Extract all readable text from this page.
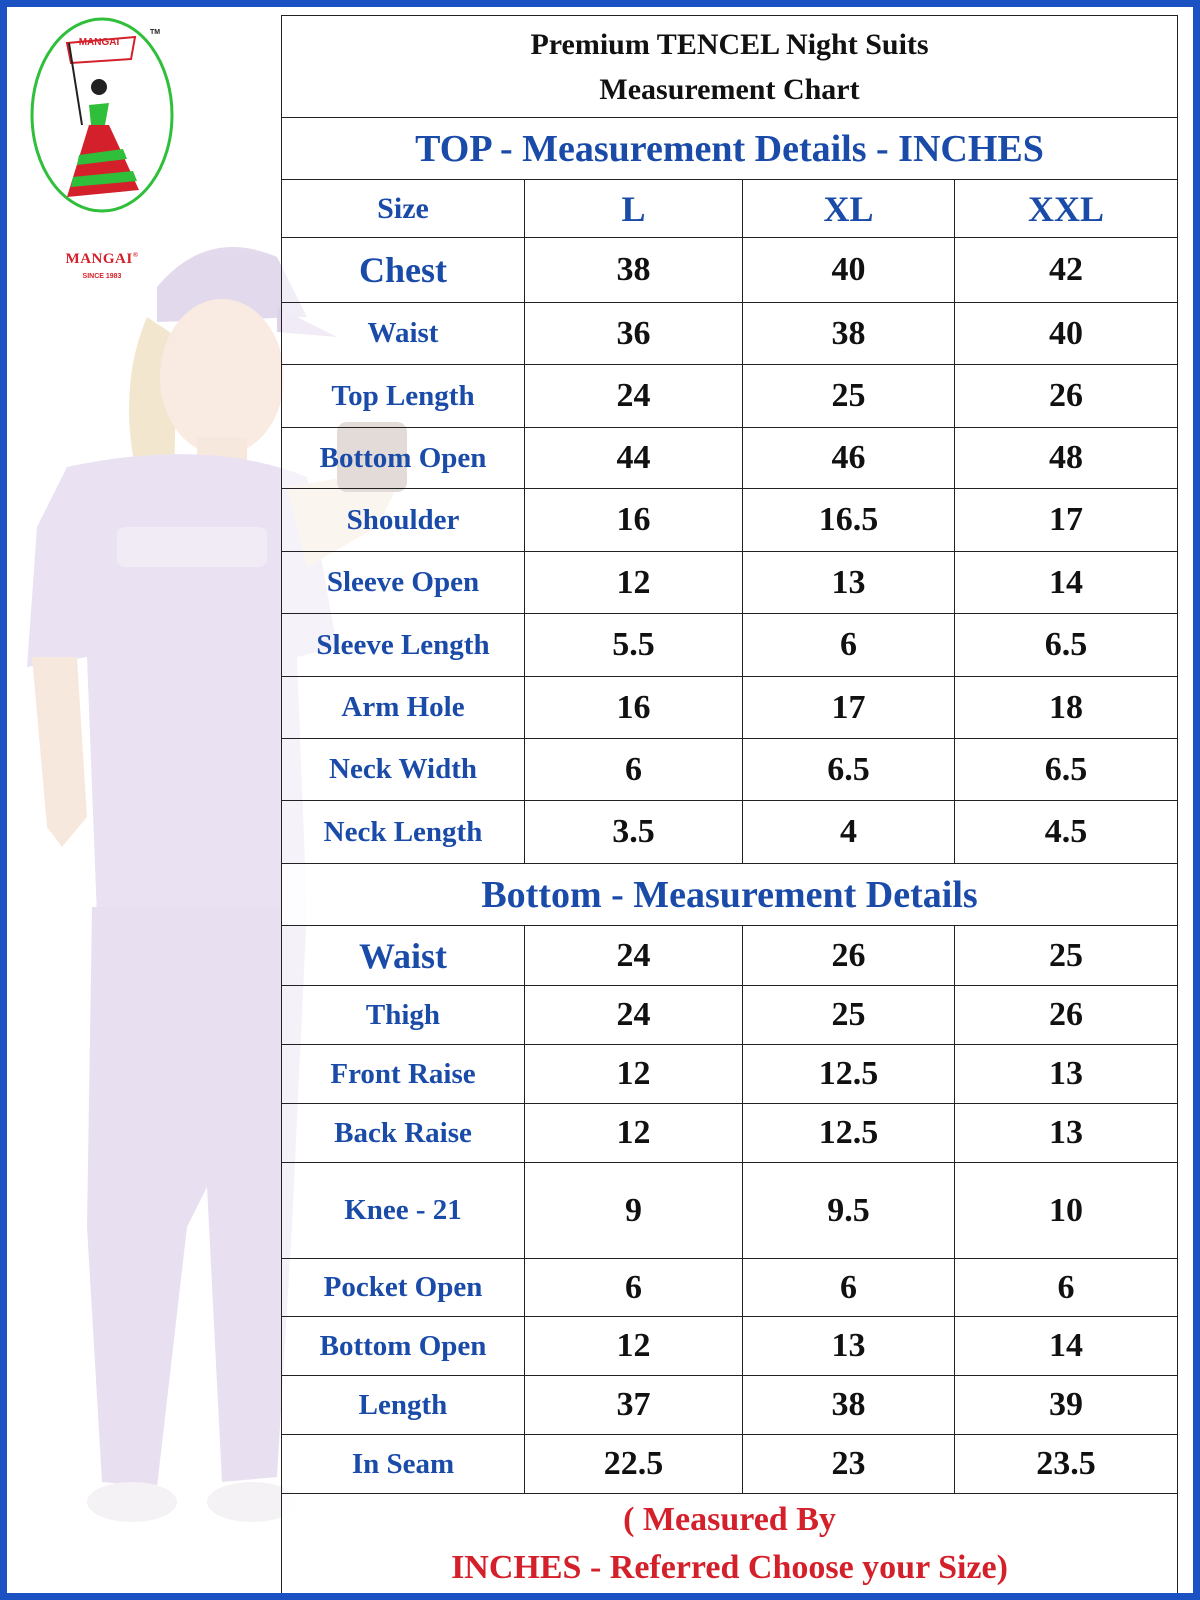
MANGAI
TM
MANGAI®
SINCE 1983
Premium TENCEL Night Suits
Measurement Chart			

TOP - Measurement Details - INCHES			
Size	L	XL	XXL
Chest	38	40	42
Waist	36	38	40
Top Length	24	25	26
Bottom Open	44	46	48
Shoulder	16	16.5	17
Sleeve Open	12	13	14
Sleeve Length	5.5	6	6.5
Arm Hole	16	17	18
Neck Width	6	6.5	6.5
Neck Length	3.5	4	4.5
Bottom - Measurement Details			
Waist	24	26	25
Thigh	24	25	26
Front Raise	12	12.5	13
Back Raise	12	12.5	13
Knee - 21	9	9.5	10
Pocket Open	6	6	6
Bottom Open	12	13	14
Length	37	38	39
In Seam	22.5	23	23.5

( Measured By
INCHES - Referred Choose your Size)			
